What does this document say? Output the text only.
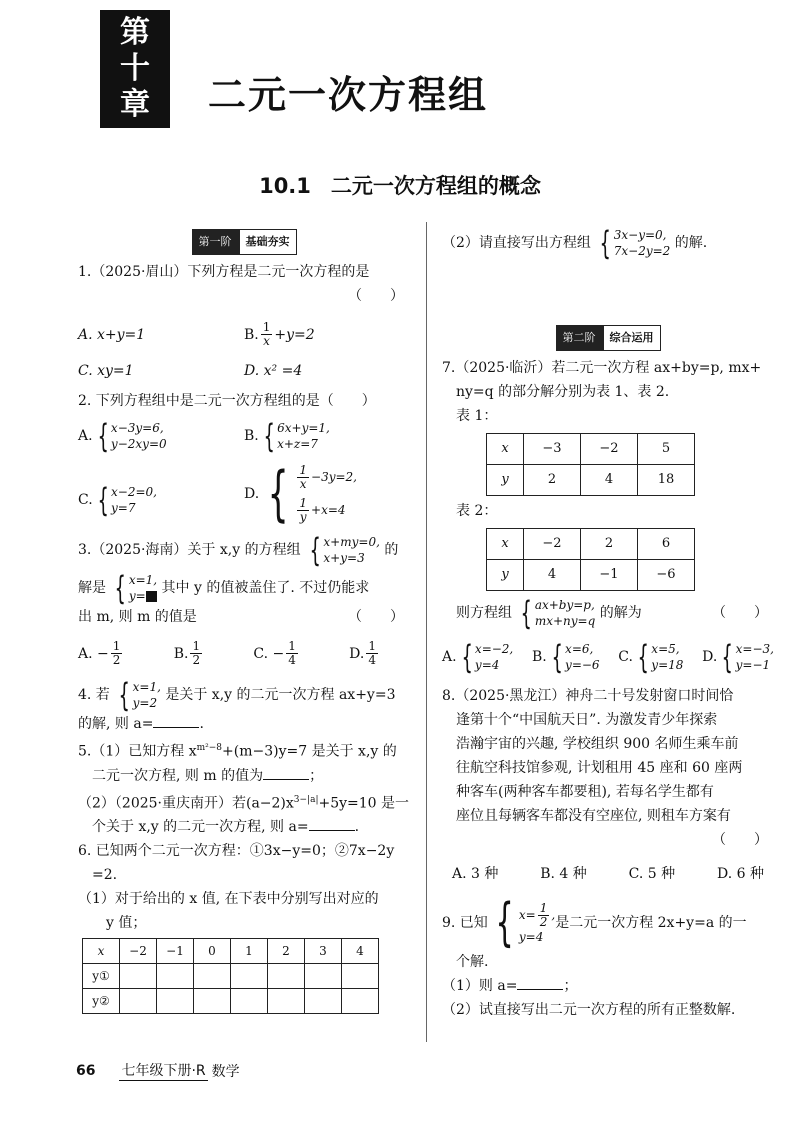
第
十
章 二元一次方程组
10.1 二元一次方程组的概念
第一阶	基础夯实
1.（2025·眉山）下列方程是二元一次方程的是
（　　）
A. x+y=1	B. $\frac{1}{x} +y=2$
C. xy=1	D. x² =4
2. 下列方程组中是二元一次方程组的是（　　）
A. { x−3y=6,
y−2xy=0	B. { 6x+y=1,
x+z=7
C. { x−2=0,
y=7
D. { $\frac{1}{x} -3y=2$,
$\frac{1}{y} +x=4$
3.（2025·海南）关于 x,y 的方程组 { x+my=0,
x+y=3	的
解是 { x=1,
y=	其中 y 的值被盖住了. 不过仍能求
出 m, 则 m 的值是	（　　）
A. − $\frac{1}{2}$	B. $\frac{1}{2}$	C. − $\frac{1}{4}$	D. $\frac{1}{4}$
4. 若 { x=1,
y=2 是关于 x,y 的二元一次方程 ax+y=3
的解, 则 a=	.
5.（1）已知方程 $x^{m^2-8}+(m-3)y=7$ 是关于 x,y 的
二元一次方程, 则 m 的值为	；
（2）（2025·重庆南开）若$(a-2)x^{3-|a|}+5y=10$ 是一
个关于 x,y 的二元一次方程, 则 a=	.
6. 已知两个二元一次方程：①3x−y=0；②7x−2y
=2.
（1）对于给出的 x 值, 在下表中分别写出对应的
y 值；
x	−2	−1	0	1	2	3	4
y①							
y②							
（2）请直接写出方程组 { 3x−y=0,
7x−2y=2 的解.
第二阶	综合运用
7.（2025·临沂）若二元一次方程 ax+by=p, mx+
ny=q 的部分解分别为表 1、表 2.
表 1：
x	−3	−2	5
y	2	4	18
表 2：
x	−2	2	6
y	4	−1	−6
则方程组 { ax+by=p,
mx+ny=q 的解为	（　　）
A. { x=−2,
y=4	B. { x=6,
y=−6 C. { x=5,
y=18 D. { x=−3,
y=−1
8.（2025·黑龙江）神舟二十号发射窗口时间恰
逢第十个“中国航天日”. 为激发青少年探索
浩瀚宇宙的兴趣, 学校组织 900 名师生乘车前
往航空科技馆参观, 计划租用 45 座和 60 座两
种客车(两种客车都要租), 若每名学生都有
座位且每辆客车都没有空座位, 则租车方案有
（　　）
A. 3 种	B. 4 种	C. 5 种	D. 6 种
9. 已知 { $x= \frac{1}{2}$ ,
y=4
是二元一次方程 2x+y=a 的一
个解.
（1）则 a=	；
（2）试直接写出二元一次方程的所有正整数解.
66 七年级下册·R 数学
